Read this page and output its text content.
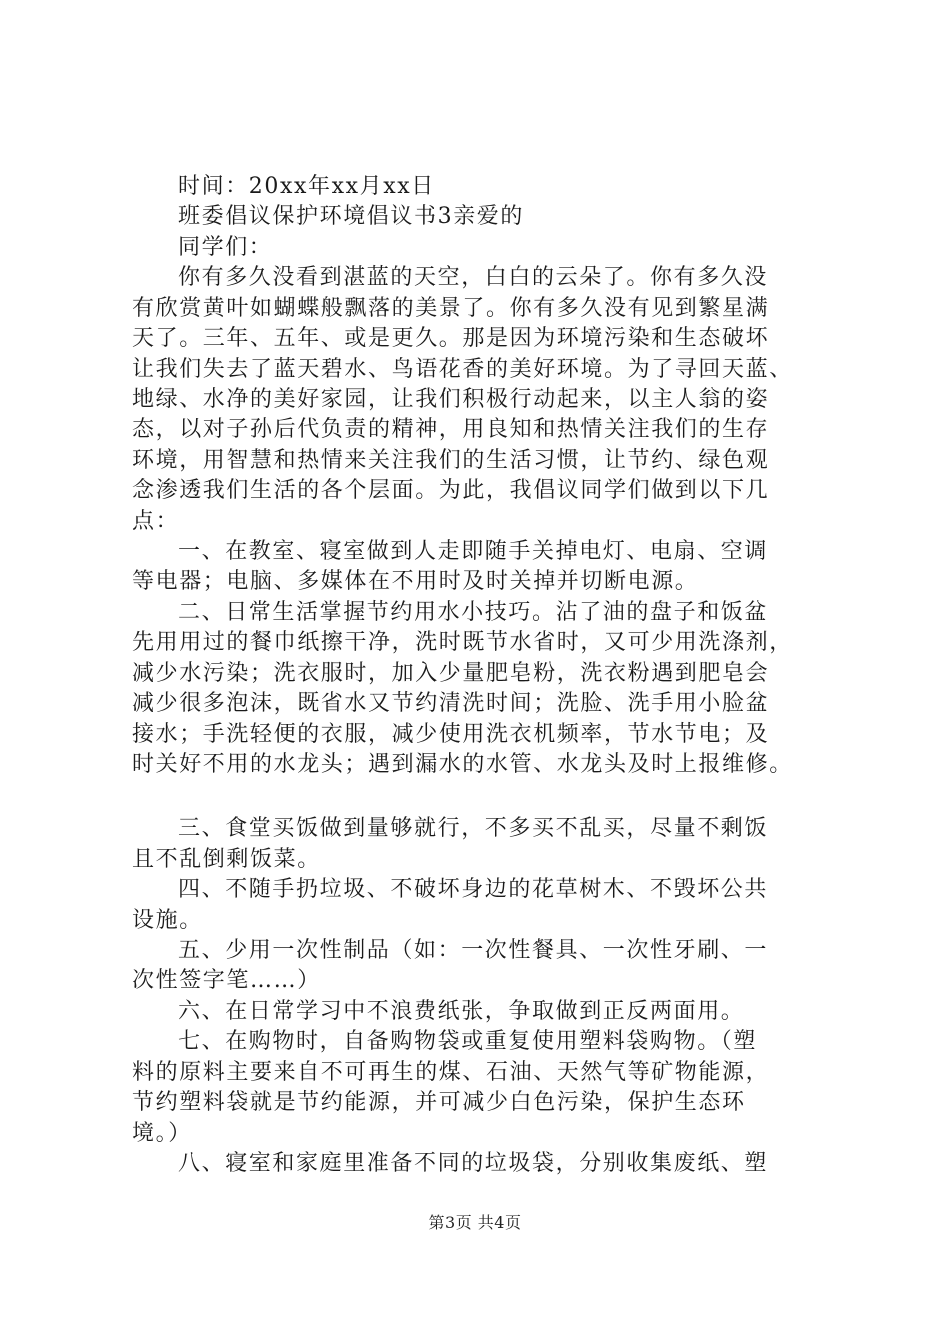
时间：20xx年xx月xx日
班委倡议保护环境倡议书3亲爱的
同学们：
你有多久没看到湛蓝的天空，白白的云朵了。你有多久没
有欣赏黄叶如蝴蝶般飘落的美景了。你有多久没有见到繁星满
天了。三年、五年、或是更久。那是因为环境污染和生态破坏
让我们失去了蓝天碧水、鸟语花香的美好环境。为了寻回天蓝、
地绿、水净的美好家园，让我们积极行动起来，以主人翁的姿
态，以对子孙后代负责的精神，用良知和热情关注我们的生存
环境，用智慧和热情来关注我们的生活习惯，让节约、绿色观
念渗透我们生活的各个层面。为此，我倡议同学们做到以下几
点：
一、在教室、寝室做到人走即随手关掉电灯、电扇、空调
等电器；电脑、多媒体在不用时及时关掉并切断电源。
二、日常生活掌握节约用水小技巧。沾了油的盘子和饭盆
先用用过的餐巾纸擦干净，洗时既节水省时，又可少用洗涤剂，
减少水污染；洗衣服时，加入少量肥皂粉，洗衣粉遇到肥皂会
减少很多泡沫，既省水又节约清洗时间；洗脸、洗手用小脸盆
接水；手洗轻便的衣服，减少使用洗衣机频率，节水节电；及
时关好不用的水龙头；遇到漏水的水管、水龙头及时上报维修。
三、食堂买饭做到量够就行，不多买不乱买，尽量不剩饭
且不乱倒剩饭菜。
四、不随手扔垃圾、不破坏身边的花草树木、不毁坏公共
设施。
五、少用一次性制品（如：一次性餐具、一次性牙刷、一
次性签字笔……）
六、在日常学习中不浪费纸张，争取做到正反两面用。
七、在购物时，自备购物袋或重复使用塑料袋购物。（塑
料的原料主要来自不可再生的煤、石油、天然气等矿物能源，
节约塑料袋就是节约能源，并可减少白色污染，保护生态环
境。）
八、寝室和家庭里准备不同的垃圾袋，分别收集废纸、塑
第3页 共4页
